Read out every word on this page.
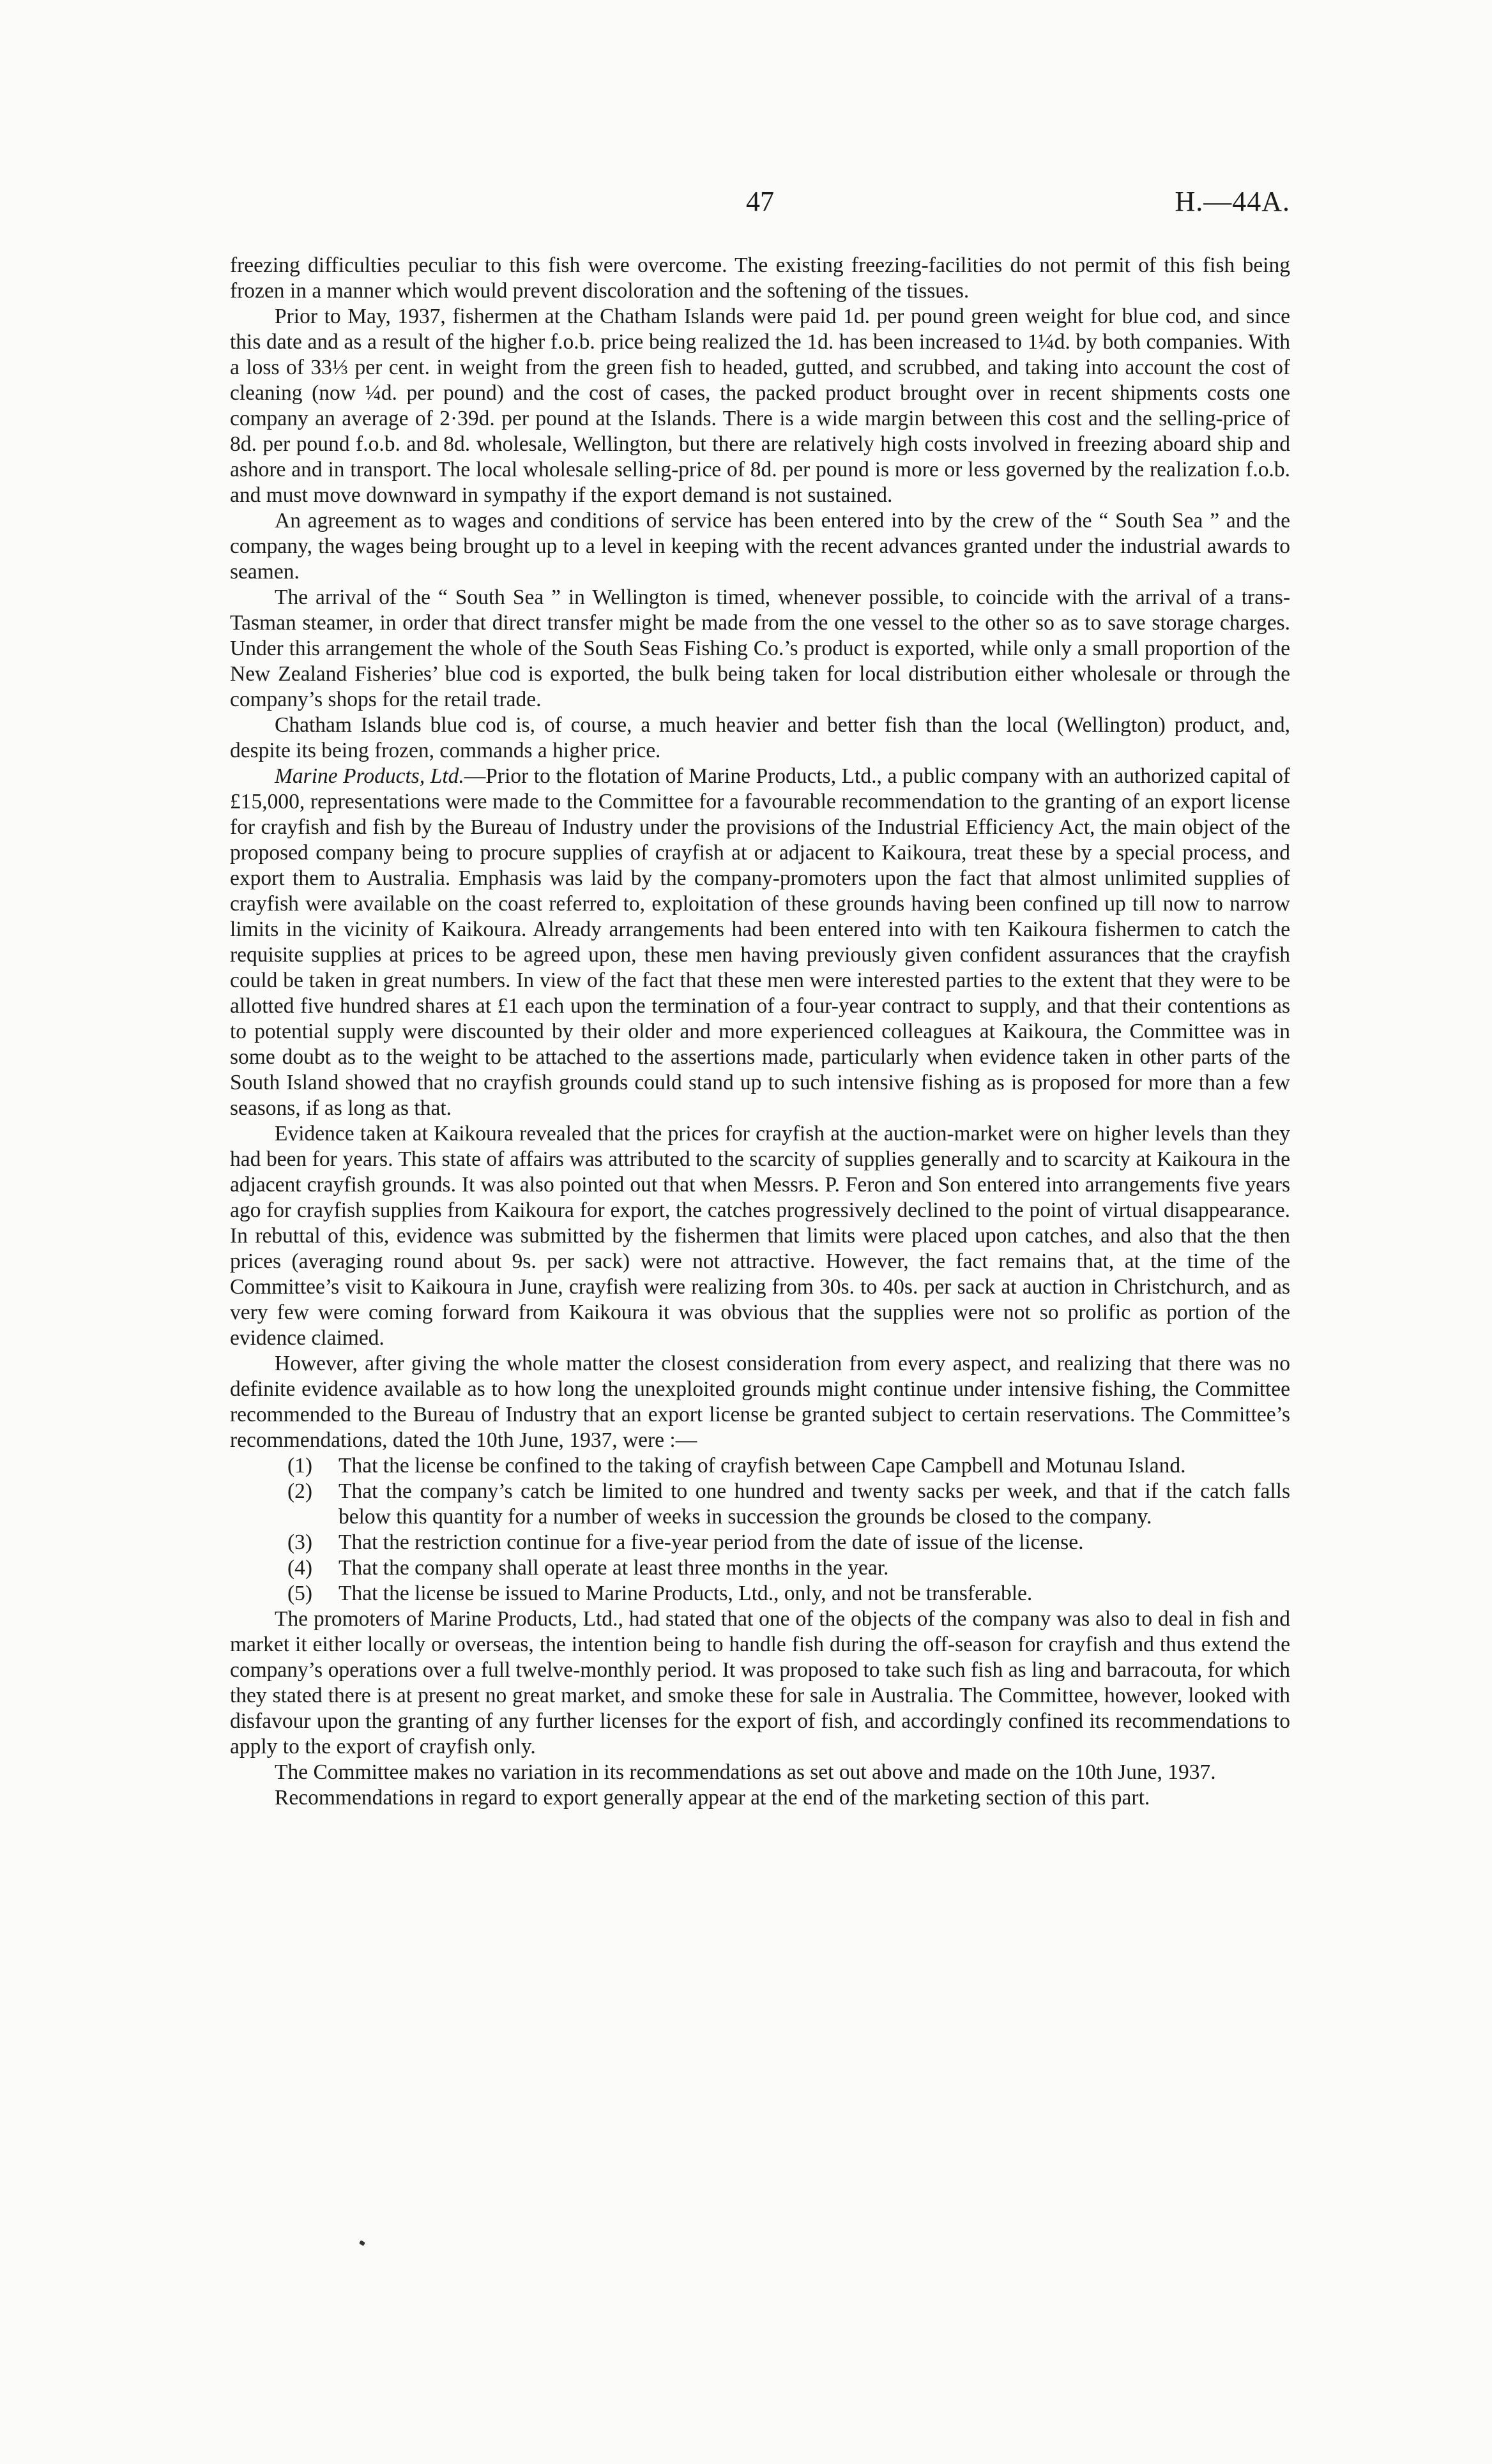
47	H.—44A.

freezing difficulties peculiar to this fish were overcome. The existing freezing-facilities do not permit of this fish being frozen in a manner which would prevent discoloration and the softening of the tissues.

Prior to May, 1937, fishermen at the Chatham Islands were paid 1d. per pound green weight for blue cod, and since this date and as a result of the higher f.o.b. price being realized the 1d. has been increased to 1¼d. by both companies. With a loss of 33⅓ per cent. in weight from the green fish to headed, gutted, and scrubbed, and taking into account the cost of cleaning (now ¼d. per pound) and the cost of cases, the packed product brought over in recent shipments costs one company an average of 2·39d. per pound at the Islands. There is a wide margin between this cost and the selling-price of 8d. per pound f.o.b. and 8d. wholesale, Wellington, but there are relatively high costs involved in freezing aboard ship and ashore and in transport. The local wholesale selling-price of 8d. per pound is more or less governed by the realization f.o.b. and must move downward in sympathy if the export demand is not sustained.

An agreement as to wages and conditions of service has been entered into by the crew of the “ South Sea ” and the company, the wages being brought up to a level in keeping with the recent advances granted under the industrial awards to seamen.

The arrival of the “ South Sea ” in Wellington is timed, whenever possible, to coincide with the arrival of a trans-Tasman steamer, in order that direct transfer might be made from the one vessel to the other so as to save storage charges. Under this arrangement the whole of the South Seas Fishing Co.’s product is exported, while only a small proportion of the New Zealand Fisheries’ blue cod is exported, the bulk being taken for local distribution either wholesale or through the company’s shops for the retail trade.

Chatham Islands blue cod is, of course, a much heavier and better fish than the local (Wellington) product, and, despite its being frozen, commands a higher price.

Marine Products, Ltd.—Prior to the flotation of Marine Products, Ltd., a public company with an authorized capital of £15,000, representations were made to the Committee for a favourable recommendation to the granting of an export license for crayfish and fish by the Bureau of Industry under the provisions of the Industrial Efficiency Act, the main object of the proposed company being to procure supplies of crayfish at or adjacent to Kaikoura, treat these by a special process, and export them to Australia. Emphasis was laid by the company-promoters upon the fact that almost unlimited supplies of crayfish were available on the coast referred to, exploitation of these grounds having been confined up till now to narrow limits in the vicinity of Kaikoura. Already arrangements had been entered into with ten Kaikoura fishermen to catch the requisite supplies at prices to be agreed upon, these men having previously given confident assurances that the crayfish could be taken in great numbers. In view of the fact that these men were interested parties to the extent that they were to be allotted five hundred shares at £1 each upon the termination of a four-year contract to supply, and that their contentions as to potential supply were discounted by their older and more experienced colleagues at Kaikoura, the Committee was in some doubt as to the weight to be attached to the assertions made, particularly when evidence taken in other parts of the South Island showed that no crayfish grounds could stand up to such intensive fishing as is proposed for more than a few seasons, if as long as that.

Evidence taken at Kaikoura revealed that the prices for crayfish at the auction-market were on higher levels than they had been for years. This state of affairs was attributed to the scarcity of supplies generally and to scarcity at Kaikoura in the adjacent crayfish grounds. It was also pointed out that when Messrs. P. Feron and Son entered into arrangements five years ago for crayfish supplies from Kaikoura for export, the catches progressively declined to the point of virtual disappearance. In rebuttal of this, evidence was submitted by the fishermen that limits were placed upon catches, and also that the then prices (averaging round about 9s. per sack) were not attractive. However, the fact remains that, at the time of the Committee’s visit to Kaikoura in June, crayfish were realizing from 30s. to 40s. per sack at auction in Christchurch, and as very few were coming forward from Kaikoura it was obvious that the supplies were not so prolific as portion of the evidence claimed.

However, after giving the whole matter the closest consideration from every aspect, and realizing that there was no definite evidence available as to how long the unexploited grounds might continue under intensive fishing, the Committee recommended to the Bureau of Industry that an export license be granted subject to certain reservations. The Committee’s recommendations, dated the 10th June, 1937, were :—

(1)	That the license be confined to the taking of crayfish between Cape Campbell and Motunau Island.
(2)	That the company’s catch be limited to one hundred and twenty sacks per week, and that if the catch falls below this quantity for a number of weeks in succession the grounds be closed to the company.
(3)	That the restriction continue for a five-year period from the date of issue of the license.
(4)	That the company shall operate at least three months in the year.
(5)	That the license be issued to Marine Products, Ltd., only, and not be transferable.

The promoters of Marine Products, Ltd., had stated that one of the objects of the company was also to deal in fish and market it either locally or overseas, the intention being to handle fish during the off-season for crayfish and thus extend the company’s operations over a full twelve-monthly period. It was proposed to take such fish as ling and barracouta, for which they stated there is at present no great market, and smoke these for sale in Australia. The Committee, however, looked with disfavour upon the granting of any further licenses for the export of fish, and accordingly confined its recommendations to apply to the export of crayfish only.

The Committee makes no variation in its recommendations as set out above and made on the 10th June, 1937.

Recommendations in regard to export generally appear at the end of the marketing section of this part.
